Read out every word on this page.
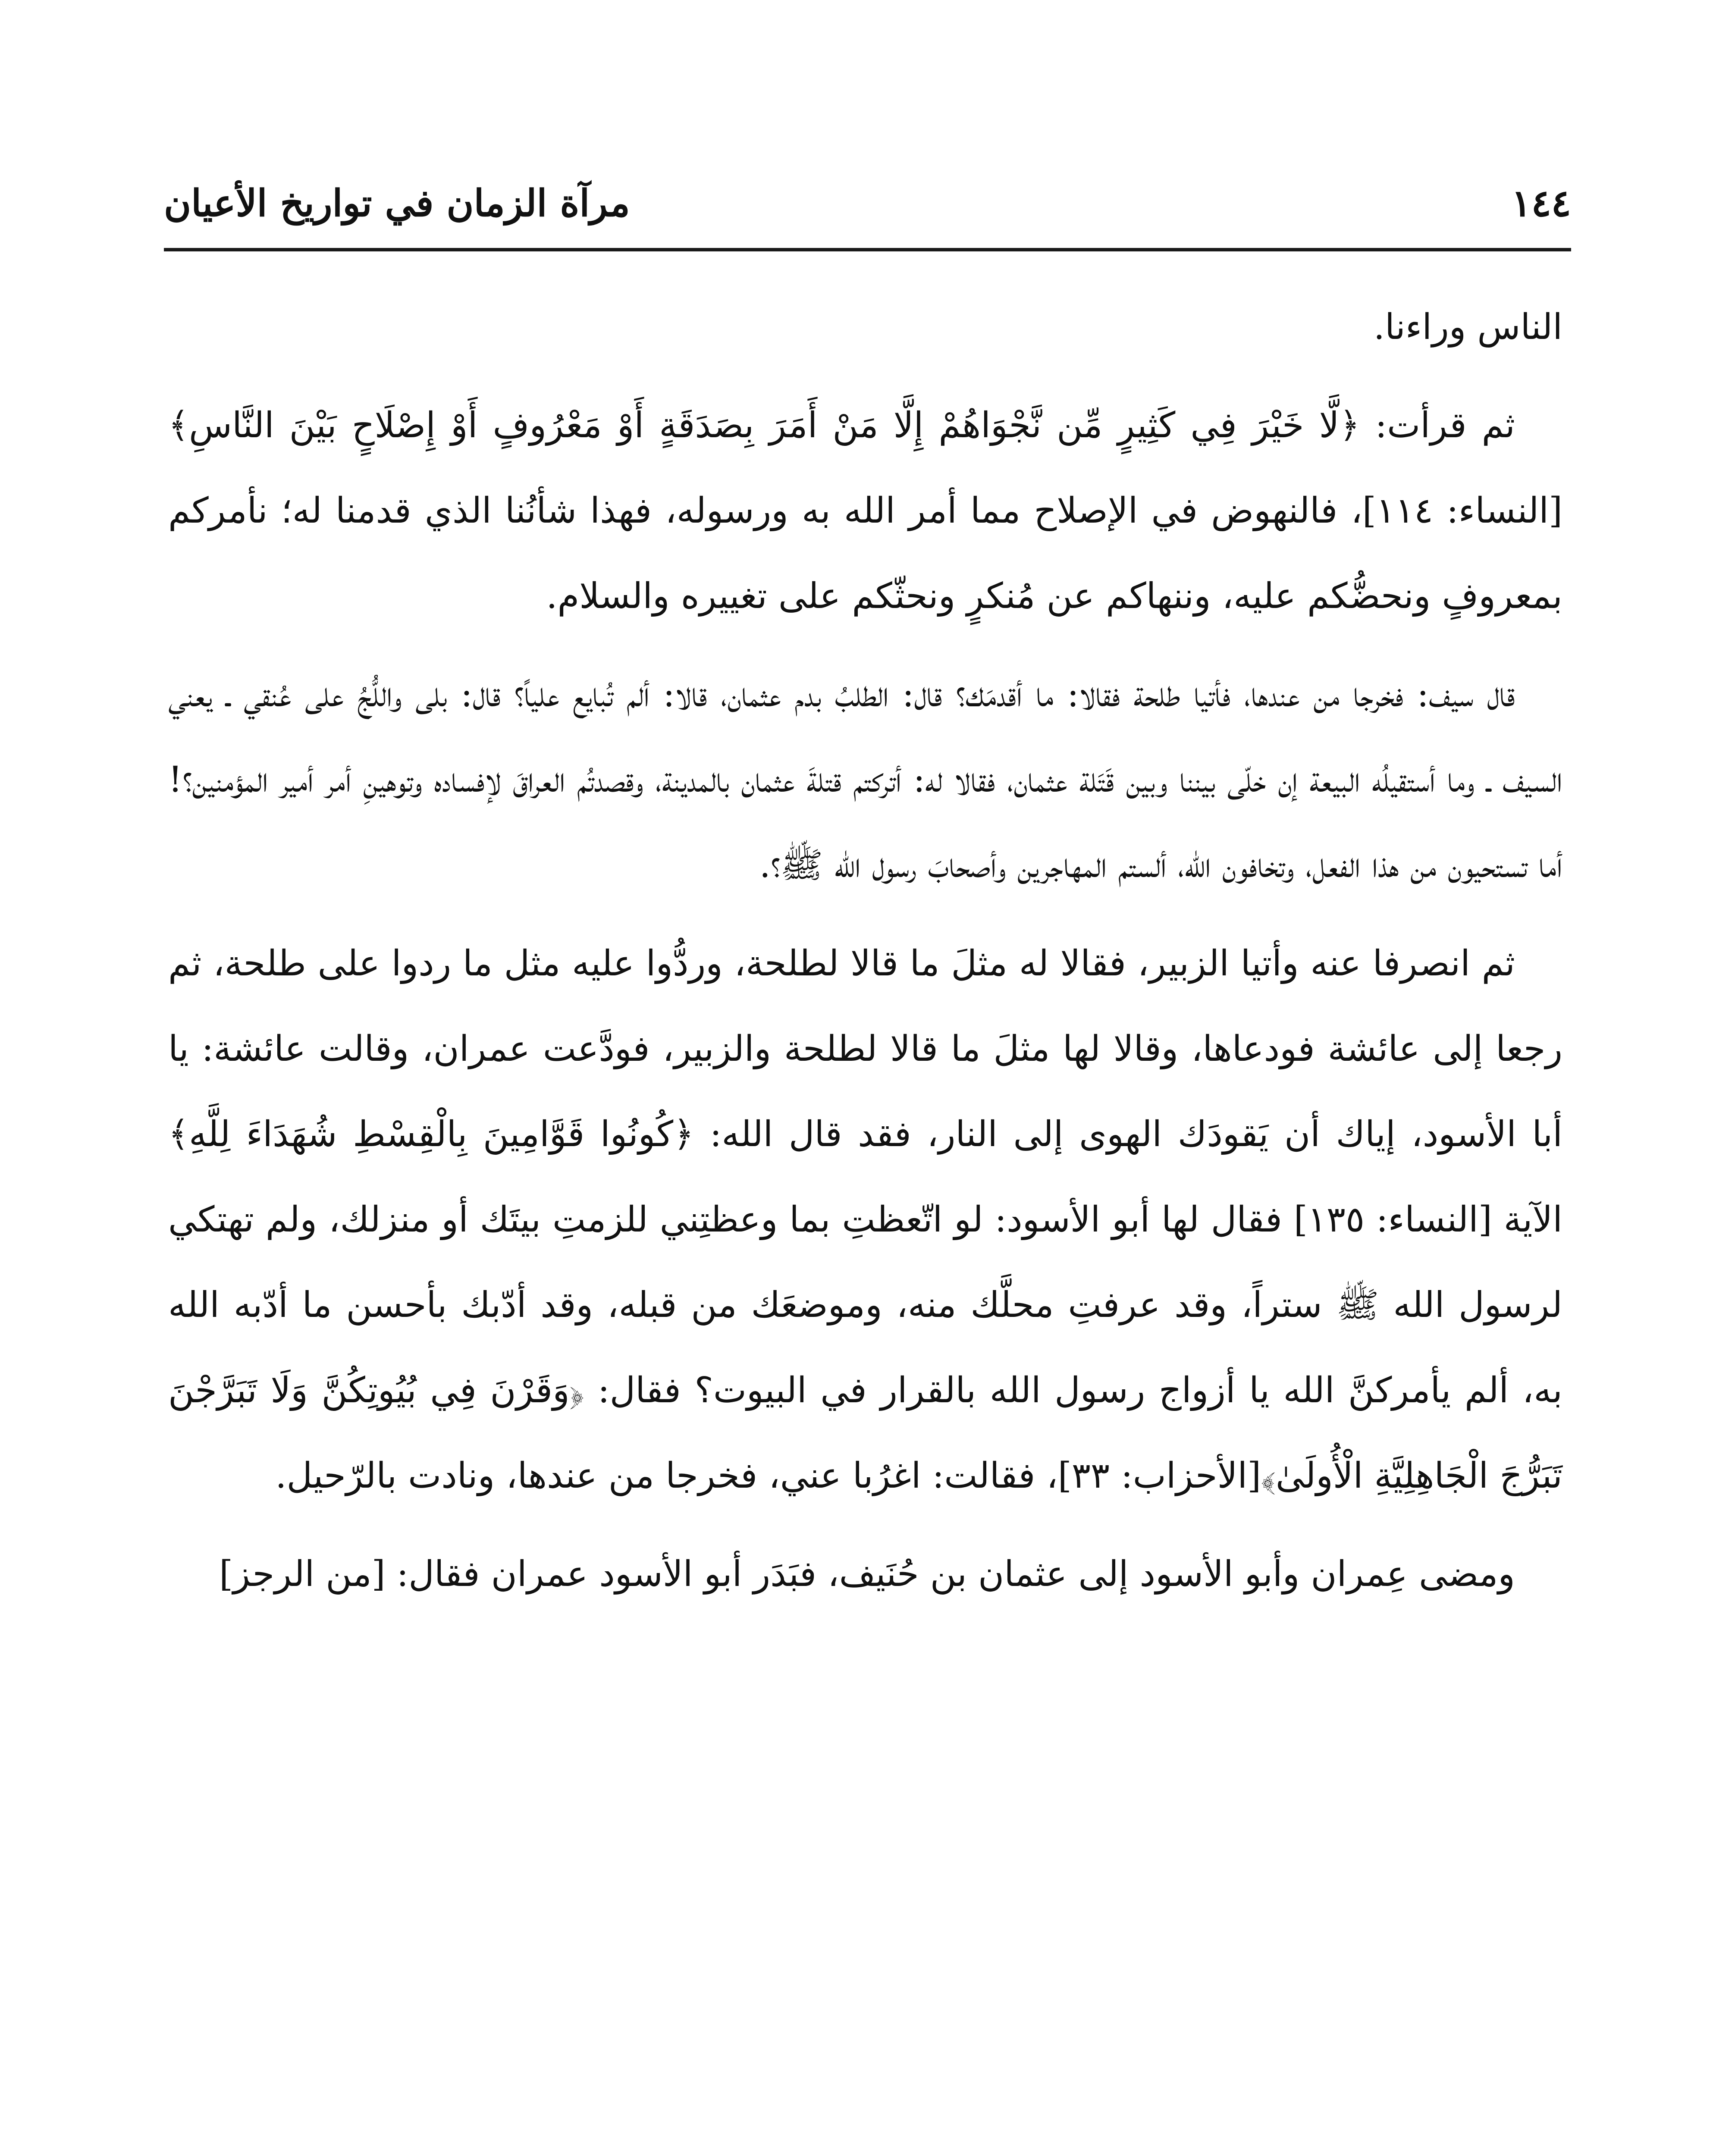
مرآة الزمان في تواريخ الأعيان	١٤٤

الناس وراءنا.

ثم قرأت: ﴿لَّا خَيْرَ فِي كَثِيرٍ مِّن نَّجْوَاهُمْ إِلَّا مَنْ أَمَرَ بِصَدَقَةٍ أَوْ مَعْرُوفٍ أَوْ إِصْلَاحٍ بَيْنَ النَّاسِ﴾[النساء: ١١٤]، فالنهوض في الإصلاح مما أمر الله به ورسوله، فهذا شأنُنا الذي قدمنا له؛ نأمركم بمعروفٍ ونحضُّكم عليه، وننهاكم عن مُنكرٍ ونحثّكم على تغييره والسلام.

قال سيف: فخرجا من عندها، فأتيا طلحة فقالا: ما أقدمَك؟ قال: الطلبُ بدم عثمان، قالا: ألم تُبايع علياً؟ قال: بلى واللُّجُ على عُنقي ـ يعني السيف ـ وما أستقيلُه البيعة إن خلّى بيننا وبين قَتَلة عثمان، فقالا له: أتركتم قتلةَ عثمان بالمدينة، وقصدتُم العراقَ لإفساده وتوهينِ أمر أمير المؤمنين؟! أما تستحيون من هذا الفعل، وتخافون الله، ألستم المهاجرين وأصحابَ رسول الله ﷺ؟.

ثم انصرفا عنه وأتيا الزبير، فقالا له مثلَ ما قالا لطلحة، وردُّوا عليه مثل ما ردوا على طلحة، ثم رجعا إلى عائشة فودعاها، وقالا لها مثلَ ما قالا لطلحة والزبير، فودَّعت عمران، وقالت عائشة: يا أبا الأسود، إياك أن يَقودَك الهوى إلى النار، فقد قال الله: ﴿كُونُوا قَوَّامِينَ بِالْقِسْطِ شُهَدَاءَ لِلَّهِ﴾ الآية [النساء: ١٣٥] فقال لها أبو الأسود: لو اتّعظتِ بما وعظتِني للزمتِ بيتَك أو منزلك، ولم تهتكي لرسول الله ﷺ ستراً، وقد عرفتِ محلَّك منه، وموضعَك من قبله، وقد أدّبك بأحسن ما أدّبه الله به، ألم يأمركنَّ الله يا أزواج رسول الله بالقرار في البيوت؟ فقال: ﴿وَقَرْنَ فِي بُيُوتِكُنَّ وَلَا تَبَرَّجْنَ تَبَرُّجَ الْجَاهِلِيَّةِ الْأُولَىٰ﴾[الأحزاب: ٣٣]، فقالت: اغرُبا عني، فخرجا من عندها، ونادت بالرّحيل.

ومضى عِمران وأبو الأسود إلى عثمان بن حُنَيف، فبَدَر أبو الأسود عمران فقال: [من الرجز]
